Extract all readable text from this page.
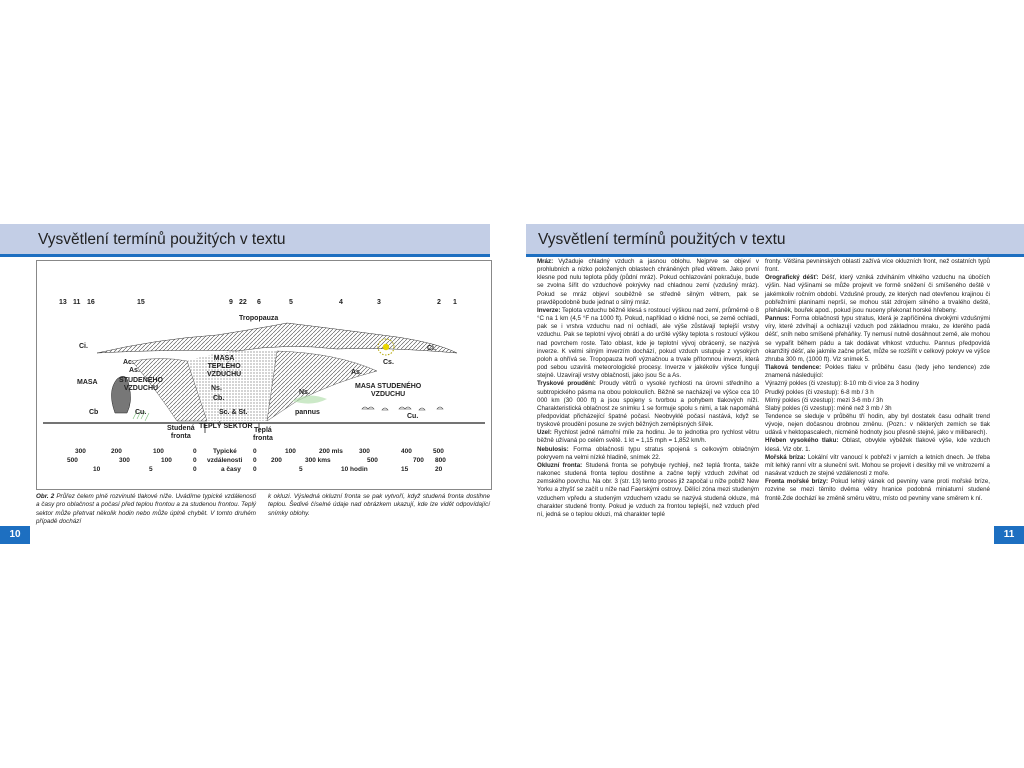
Vysvětlení termínů použitých v textu
13 11 16	15	9 22 6	5	4	3	2 1
Tropopauza
MASA
TEPLÉHO
VZDUCHU
MASA	STUDENÉHO
VZDUCHU	MASA STUDENÉHO
VZDUCHU
Ci.	Ci.
Cs.
As.	As.
Ac.
Ns.
Ns.
Cb
Cb.
Cu.
Cu.
Sc. & St.	pannus
Studená
fronta
TEPLÝ SEKTOR
Teplá
fronta
300	200	100	0	Typické	0	100	200 mls 300	400	500
500	300	100	0 vzdálenosti 0 200	300 kms	500	700 800
10	5	0	a časy 0	5	10 hodin	15	20
Obr. 2 Průřez čelem plně rozvinuté tlakové níže. Uvádíme typické vzdálenosti a časy pro oblačnost a počasí před teplou frontou a za studenou frontou. Teplý sektor může přetrvat několik hodin nebo může úplně chybět. V tomto druhém případě dochází
k okluzi. Výsledná okluzní fronta se pak vytvoří, když studená fronta dostihne teplou. Šedivé číselné údaje nad obrázkem ukazují, kde lze vidět odpovídající snímky oblohy.
10
Vysvětlení termínů použitých v textu

Mráz: Vyžaduje chladný vzduch a jasnou oblohu. Nejprve se objeví v prohlubních a nízko položených oblastech chráněných před větrem. Jako první klesne pod nulu teplota půdy (půdní mráz). Pokud ochlazování pokračuje, bude se zvolna šířit do vzduchové pokrývky nad chladnou zemí (vzdušný mráz). Pokud se mráz objeví souběžně se středně silným větrem, pak se pravděpodobně bude jednat o silný mráz.

Inverze: Teplota vzduchu běžně klesá s rostoucí výškou nad zemí, průměrně o 8 °C na 1 km (4,5 °F na 1000 ft). Pokud, například o klidné noci, se země ochladí, pak se i vrstva vzduchu nad ní ochladí, ale výše zůstávají teplejší vrstvy vzduchu. Pak se teplotní vývoj obrátí a do určité výšky teplota s rostoucí výškou nad povrchem roste. Tato oblast, kde je teplotní vývoj obrácený, se nazývá inverze. K velmi silným inverzím dochází, pokud vzduch ustupuje z vysokých poloh a ohřívá se. Tropopauza tvoří význačnou a trvale přítomnou inverzi, která pod sebou uzavírá meteorologické procesy. Inverze v jakékoliv výšce fungují stejně. Uzavírají vrstvy oblačnosti, jako jsou Sc a As.

Tryskové proudění: Proudy větrů o vysoké rychlosti na úrovni středního a subtropického pásma na obou polokoulích. Běžně se nacházejí ve výšce cca 10 000 km (30 000 ft) a jsou spojeny s tvorbou a pohybem tlakových níží. Charakteristická oblačnost ze snímku 1 se formuje spolu s nimi, a tak napomáhá předpovídat přicházející špatné počasí. Neobvyklé počasí nastává, když se tryskové proudění posune ze svých běžných zeměpisných šířek.

Uzel: Rychlost jedné námořní míle za hodinu. Je to jednotka pro rychlost větru běžně užívaná po celém světě. 1 kt = 1,15 mph = 1,852 km/h.

Nebulosis: Forma oblačnosti typu stratus spojená s celkovým oblačným pokryvem na velmi nízké hladině, snímek 22.

Okluzní fronta: Studená fronta se pohybuje rychleji, než teplá fronta, takže nakonec studená fronta teplou dostihne a začne teplý vzduch zdvihat od zemského povrchu. Na obr. 3 (str. 13) tento proces již započal u níže poblíž New Yorku a zhyšť se začít u níže nad Faerskými ostrovy. Dělící zóna mezi studeným vzduchem vpředu a studeným vzduchem vzadu se nazývá studená okluze, má charakter studené fronty. Pokud je vzduch za frontou teplejší, než vzduch před ní, jedná se o teplou okluzi, má charakter teplé

fronty. Většina pevninských oblastí zažívá více okluzních front, než ostatních typů front.

Orografický déšť: Déšť, který vzniká zdviháním vlhkého vzduchu na úbočích výšin. Nad výšinami se může projevit ve formě sněžení či smíšeného deště v jakémkoliv ročním období. Vzdušné proudy, ze kterých nad otevřenou krajinou či pobřežními planinami neprší, se mohou stát zdrojem silného a trvalého deště, přeháněk, bouřek apod., pokud jsou nuceny překonat horské hřebeny.

Pannus: Forma oblačnosti typu stratus, která je zapříčiněna divokými vzdušnými víry, které zdvíhají a ochlazují vzduch pod základnou mraku, ze kterého padá déšť, sníh nebo smíšené přeháňky. Ty nemusí nutně dosáhnout země, ale mohou se vypařit během pádu a tak dodávat vlhkost vzduchu. Pannus předpovídá okamžitý déšť, ale jakmile začne pršet, může se rozšířit v celkový pokryv ve výšce zhruba 300 m, (1000 ft). Viz snímek 5.

Tlaková tendence: Pokles tlaku v průběhu času (tedy jeho tendence) zde znamená následující:

Výrazný pokles (či vzestup): 8-10 mb či více za 3 hodiny

Prudký pokles (či vzestup): 6-8 mb / 3 h

Mírný pokles (či vzestup): mezi 3-6 mb / 3h

Slabý pokles (či vzestup): méně než 3 mb / 3h

Tendence se sleduje v průběhu tří hodin, aby byl dostatek času odhalit trend vývoje, nejen dočasnou drobnou změnu. (Pozn.: v některých zemích se tlak udává v hektopascalech, nicméně hodnoty jsou přesně stejné, jako v milibarech).

Hřeben vysokého tlaku: Oblast, obvykle výběžek tlakové výše, kde vzduch klesá. Viz obr. 1.

Mořská bríza: Lokální vítr vanoucí k pobřeží v jarních a letních dnech. Je třeba mít lehký ranní vítr a sluneční svit. Mohou se projevit i desítky mil ve vnitrozemí a nasávat vzduch ze stejné vzdálenosti z moře.

Fronta mořské brízy: Pokud lehký vánek od pevniny vane proti mořské bríze, rozvine se mezi těmito dvěma větry hranice podobná miniaturní studené frontě.Zde dochází ke změně směru větru, místo od pevniny vane směrem k ní.

11
